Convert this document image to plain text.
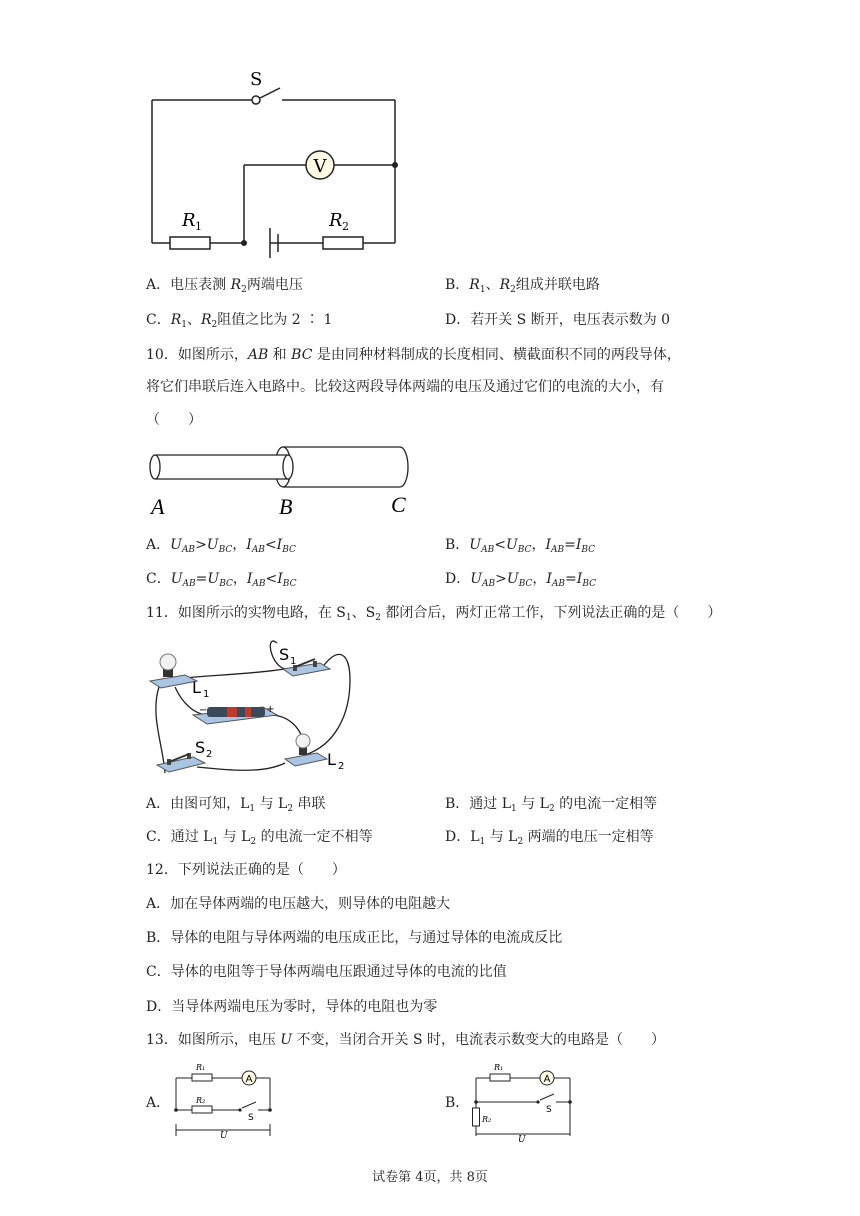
V
S
R 1	R 2
A．电压表测 $R_2$两端电压	B．$R_1$、$R_2$组成并联电路
C．$R_1$、$R_2$阻值之比为 2 ∶ 1	D．若开关 S 断开，电压表示数为 0
10．如图所示，AB 和 BC 是由同种材料制成的长度相同、横截面积不同的两段导体，
将它们串联后连入电路中。比较这两段导体两端的电压及通过它们的电流的大小，有
（　　）
A	B	C
A．$U_{AB}>U_{BC}$，$I_{AB}<I_{BC}$	B．$U_{AB}<U_{BC}$，$I_{AB}=I_{BC}$
C．$U_{AB}=U_{BC}$，$I_{AB}<I_{BC}$	D．$U_{AB}>U_{BC}$，$I_{AB}=I_{BC}$
11．如图所示的实物电路，在 $S_1$、$S_2$ 都闭合后，两灯正常工作，下列说法正确的是（　　）
L 1
S 1
S 2	L 2
−	+
A．由图可知，$L_1$ 与 $L_2$ 串联	B．通过 $L_1$ 与 $L_2$ 的电流一定相等
C．通过 $L_1$ 与 $L_2$ 的电流一定不相等	D．$L_1$ 与 $L_2$ 两端的电压一定相等
12．下列说法正确的是（　　）
A．加在导体两端的电压越大，则导体的电阻越大
B．导体的电阻与导体两端的电压成正比，与通过导体的电流成反比
C．导体的电阻等于导体两端电压跟通过导体的电流的比值
D．当导体两端电压为零时，导体的电阻也为零
13．如图所示，电压 U 不变，当闭合开关 S 时，电流表示数变大的电路是（　　）
A．
A
R₁
R₂
S
U
B．
A
R₁
R₂
S
U
试卷第 4页，共 8页
